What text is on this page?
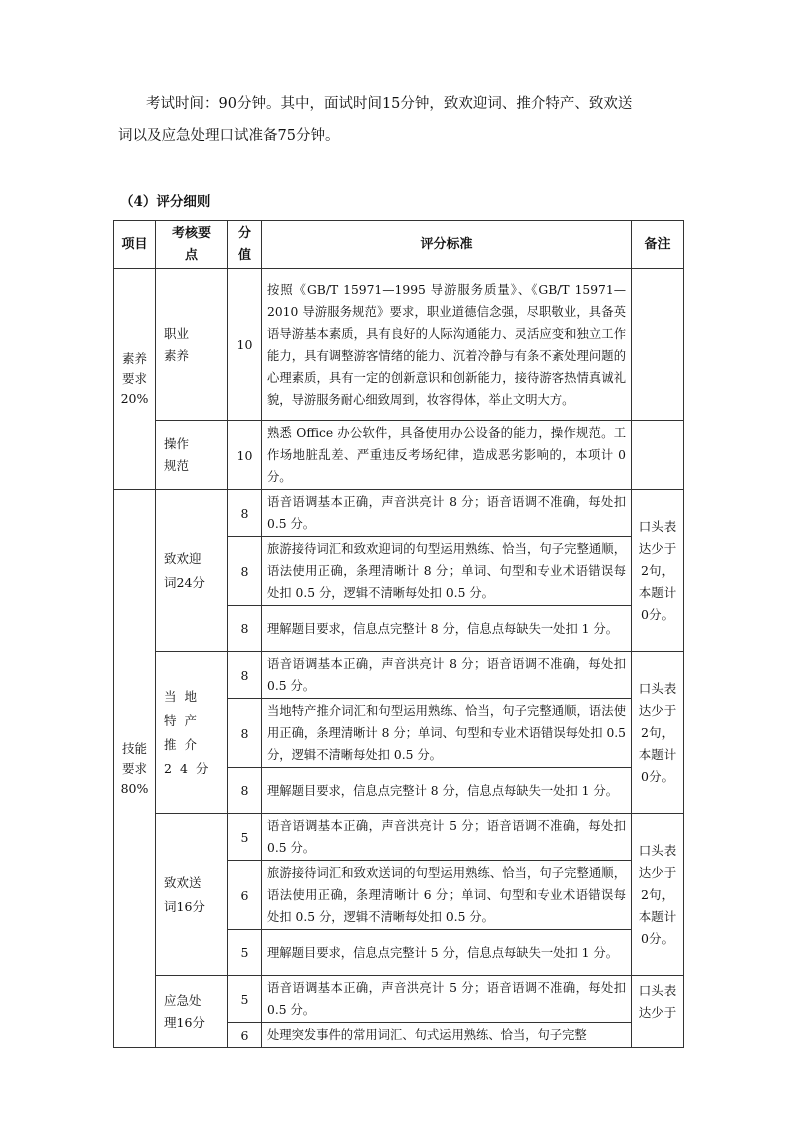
考试时间：90分钟。其中，面试时间15分钟，致欢迎词、推介特产、致欢送
词以及应急处理口试准备75分钟。
（4）评分细则
项目	考核要点	分值	评分标准	备注

素养要求20%	职业素养	10	按照《GB/T 15971—1995 导游服务质量》、《GB/T 15971—2010 导游服务规范》要求，职业道德信念强，尽职敬业，具备英语导游基本素质，具有良好的人际沟通能力、灵活应变和独立工作能力，具有调整游客情绪的能力、沉着冷静与有条不紊处理问题的心理素质，具有一定的创新意识和创新能力，接待游客热情真诚礼貌，导游服务耐心细致周到，妆容得体，举止文明大方。	

	操作规范	10	熟悉 Office 办公软件，具备使用办公设备的能力，操作规范。工作场地脏乱差、严重违反考场纪律，造成恶劣影响的，本项计 0 分。	

技能要求80%	致欢迎词24分	8	语音语调基本正确，声音洪亮计 8 分；语音语调不准确，每处扣 0.5 分。	口头表达少于2句，本题计0分。

		8	旅游接待词汇和致欢迎词的句型运用熟练、恰当，句子完整通顺，语法使用正确，条理清晰计 8 分；单词、句型和专业术语错误每处扣 0.5 分，逻辑不清晰每处扣 0.5 分。	
		8	理解题目要求，信息点完整计 8 分，信息点每缺失一处扣 1 分。	

	当地特产推介24分	8	语音语调基本正确，声音洪亮计 8 分；语音语调不准确，每处扣 0.5 分。	口头表达少于2句，本题计0分。

		8	当地特产推介词汇和句型运用熟练、恰当，句子完整通顺，语法使用正确，条理清晰计 8 分；单词、句型和专业术语错误每处扣 0.5 分，逻辑不清晰每处扣 0.5 分。	
		8	理解题目要求，信息点完整计 8 分，信息点每缺失一处扣 1 分。	

	致欢送词16分	5	语音语调基本正确，声音洪亮计 5 分；语音语调不准确，每处扣 0.5 分。	口头表达少于2句，本题计0分。

		6	旅游接待词汇和致欢送词的句型运用熟练、恰当，句子完整通顺，语法使用正确，条理清晰计 6 分；单词、句型和专业术语错误每处扣 0.5 分，逻辑不清晰每处扣 0.5 分。	
		5	理解题目要求，信息点完整计 5 分，信息点每缺失一处扣 1 分。	

	应急处理16分	5	语音语调基本正确，声音洪亮计 5 分；语音语调不准确，每处扣 0.5 分。	口头表达少于

		6	处理突发事件的常用词汇、句式运用熟练、恰当，句子完整	
